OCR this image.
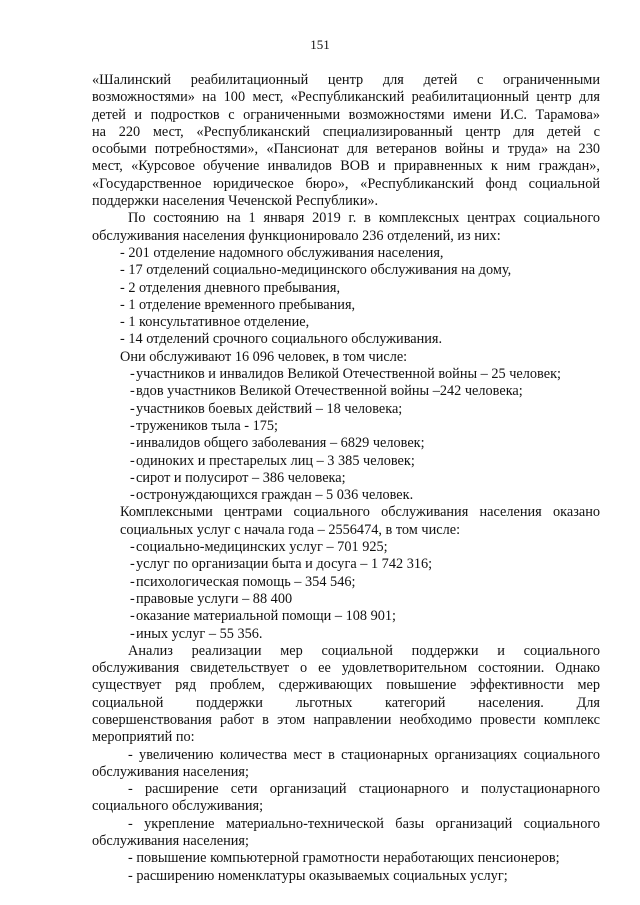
151
«Шалинский реабилитационный центр для детей с ограниченными
возможностями» на 100 мест, «Республиканский реабилитационный центр для
детей и подростков с ограниченными возможностями имени И.С. Тарамова»
на 220 мест, «Республиканский специализированный центр для детей с
особыми потребностями», «Пансионат для ветеранов войны и труда» на 230
мест, «Курсовое обучение инвалидов ВОВ и приравненных к ним граждан»,
«Государственное юридическое бюро», «Республиканский фонд социальной
поддержки населения Чеченской Республики».
По состоянию на 1 января 2019 г. в комплексных центрах социального
обслуживания населения функционировало 236 отделений, из них:
- 201 отделение надомного обслуживания населения,
- 17 отделений социально-медицинского обслуживания на дому,
- 2 отделения дневного пребывания,
- 1 отделение временного пребывания,
- 1 консультативное отделение,
- 14 отделений срочного социального обслуживания.
Они обслуживают 16 096 человек, в том числе:
- участников и инвалидов Великой Отечественной войны – 25 человек;
- вдов участников Великой Отечественной войны –242 человека;
- участников боевых действий – 18 человека;
- тружеников тыла - 175;
- инвалидов общего заболевания – 6829 человек;
- одиноких и престарелых лиц – 3 385 человек;
- сирот и полусирот – 386 человека;
- остронуждающихся граждан – 5 036 человек.
Комплексными центрами социального обслуживания населения оказано
социальных услуг с начала года – 2556474, в том числе:
- социально-медицинских услуг – 701 925;
- услуг по организации быта и досуга – 1 742 316;
- психологическая помощь – 354 546;
- правовые услуги – 88 400
- оказание материальной помощи – 108 901;
- иных услуг – 55 356.
Анализ реализации мер социальной поддержки и социального
обслуживания свидетельствует о ее удовлетворительном состоянии. Однако
существует ряд проблем, сдерживающих повышение эффективности мер
социальной поддержки льготных категорий населения. Для
совершенствования работ в этом направлении необходимо провести комплекс
мероприятий по:
- увеличению количества мест в стационарных организациях социального
обслуживания населения;
- расширение сети организаций стационарного и полустационарного
социального обслуживания;
- укрепление материально-технической базы организаций социального
обслуживания населения;
- повышение компьютерной грамотности неработающих пенсионеров;
- расширению номенклатуры оказываемых социальных услуг;
